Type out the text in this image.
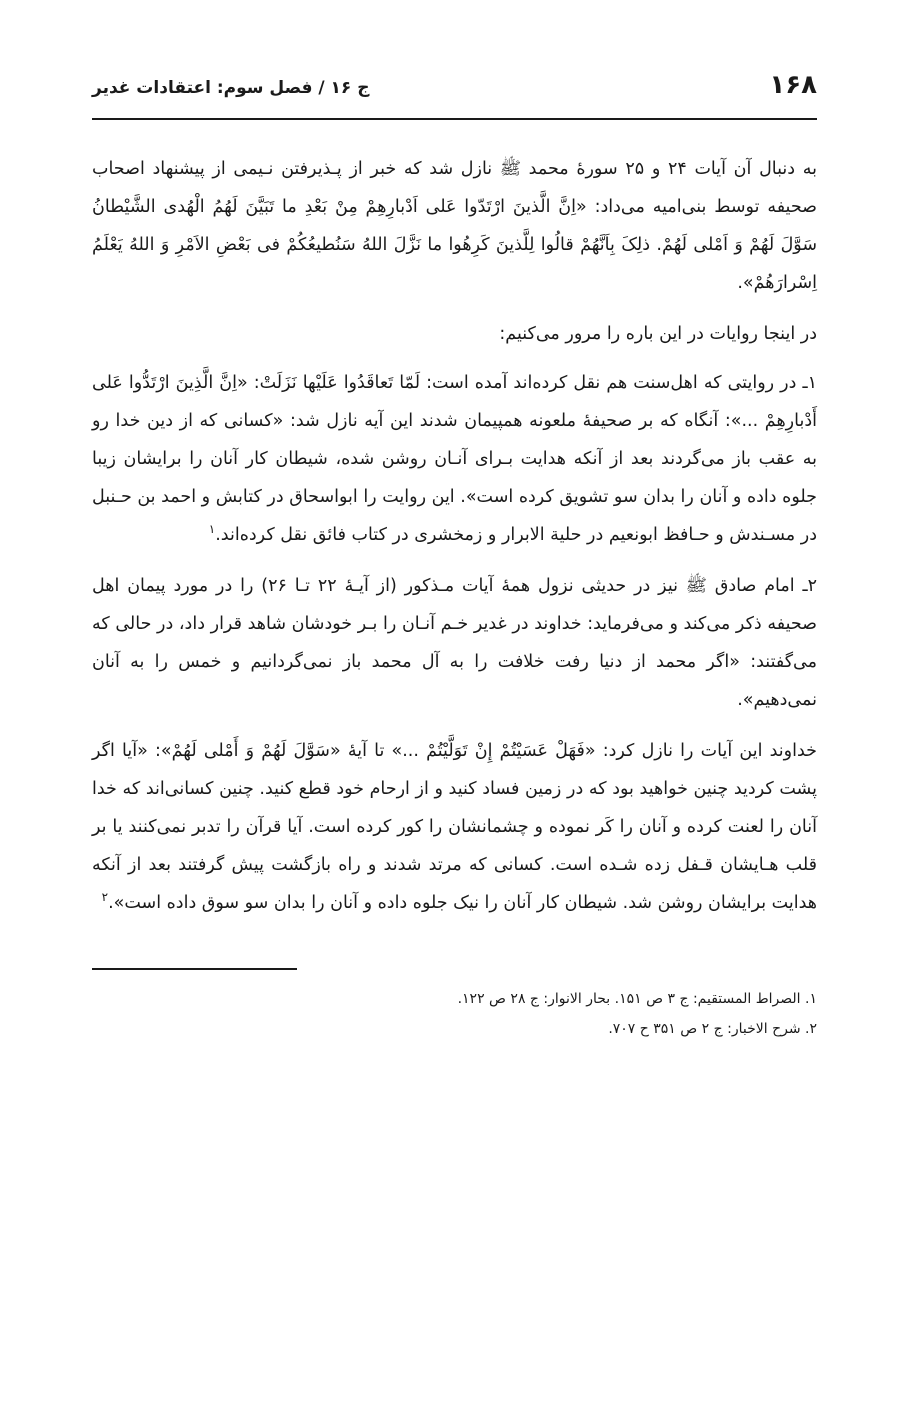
۱۶۸
ج ۱۶ / فصل سوم: اعتقادات غدیر

به دنبال آن آیات ۲۴ و ۲۵ سورۀ محمد ﷺ نازل شد که خبر از پـذیرفتن نـیمی از پیشنهاد اصحاب صحیفه توسط بنی‌امیه می‌داد: «اِنَّ الَّذینَ ارْتَدّوا عَلی اَدْبارِهِمْ مِنْ بَعْدِ ما تَبَیَّنَ لَهُمُ الْهُدی الشَّیْطانُ سَوَّلَ لَهُمْ وَ اَمْلی لَهُمْ. ذلِکَ بِاَنَّهُمْ قالُوا لِلَّذینَ کَرِهُوا ما نَزَّلَ اللهُ سَنُطیعُکُمْ فی بَعْضِ الاَمْرِ وَ اللهُ یَعْلَمُ اِسْرارَهُمْ».

در اینجا روایات در این باره را مرور می‌کنیم:

۱ـ در روایتی که اهل‌سنت هم نقل کرده‌اند آمده است: لَمّا تَعاقَدُوا عَلَیْها نَزَلَتْ: «اِنَّ الَّذِینَ ارْتَدُّوا عَلی أَدْبارِهِمْ ...»: آنگاه که بر صحیفۀ ملعونه همپیمان شدند این آیه نازل شد: «کسانی که از دین خدا رو به عقب باز می‌گردند بعد از آنکه هدایت بـرای آنـان روشن شده، شیطان کار آنان را برایشان زیبا جلوه داده و آنان را بدان سو تشویق کرده است». این روایت را ابواسحاق در کتابش و احمد بن حـنبل در مسـندش و حـافظ ابونعیم در حلیة الابرار و زمخشری در کتاب فائق نقل کرده‌اند.$^۱$

۲ـ امام صادق ﷺ نیز در حدیثی نزول همۀ آیات مـذکور (از آیـۀ ۲۲ تـا ۲۶) را در مورد پیمان اهل صحیفه ذکر می‌کند و می‌فرماید: خداوند در غدیر خـم آنـان را بـر خودشان شاهد قرار داد، در حالی که می‌گفتند: «اگر محمد از دنیا رفت خلافت را به آل محمد باز نمی‌گردانیم و خمس را به آنان نمی‌دهیم».

خداوند این آیات را نازل کرد: «فَهَلْ عَسَیْتُمْ إِنْ تَوَلَّیْتُمْ ...» تا آیۀ «سَوَّلَ لَهُمْ وَ أَمْلی لَهُمْ»: «آیا اگر پشت کردید چنین خواهید بود که در زمین فساد کنید و از ارحام خود قطع کنید. چنین کسانی‌اند که خدا آنان را لعنت کرده و آنان را کَر نموده و چشمانشان را کور کرده است. آیا قرآن را تدبر نمی‌کنند یا بر قلب هـایشان قـفل زده شـده است. کسانی که مرتد شدند و راه بازگشت پیش گرفتند بعد از آنکه هدایت برایشان روشن شد. شیطان کار آنان را نیک جلوه داده و آنان را بدان سو سوق داده است».$^۲$

۱. الصراط المستقیم: ج ۳ ص ۱۵۱. بحار الانوار: ج ۲۸ ص ۱۲۲.

۲. شرح الاخبار: ج ۲ ص ۳۵۱ ح ۷۰۷.
